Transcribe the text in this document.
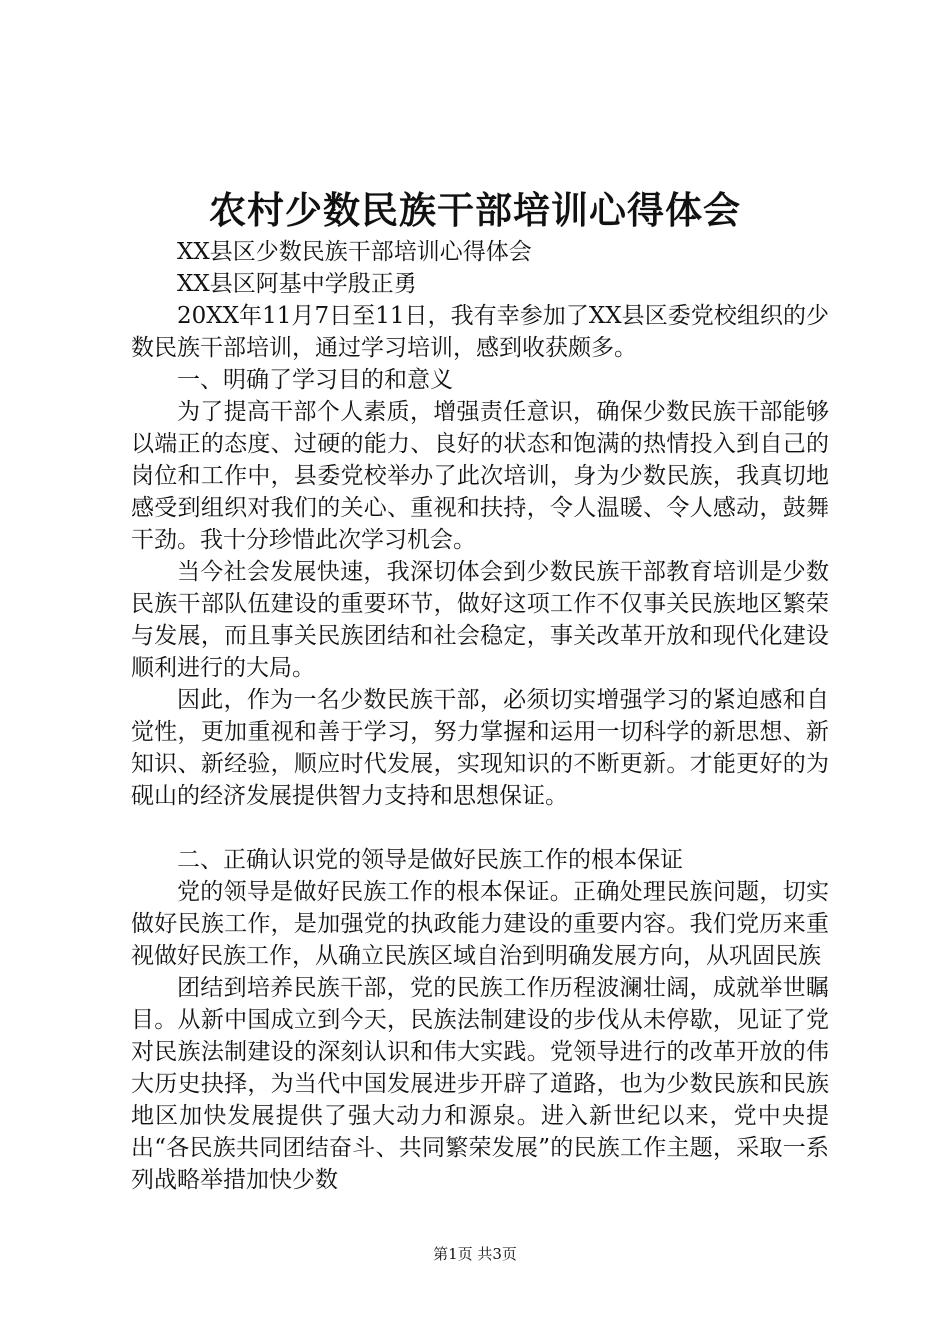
农村少数民族干部培训心得体会

XX县区少数民族干部培训心得体会

XX县区阿基中学殷正勇

20XX年11月7日至11日，我有幸参加了XX县区委党校组织的少数民族干部培训，通过学习培训，感到收获颇多。

一、明确了学习目的和意义

为了提高干部个人素质，增强责任意识，确保少数民族干部能够以端正的态度、过硬的能力、良好的状态和饱满的热情投入到自己的岗位和工作中，县委党校举办了此次培训，身为少数民族，我真切地感受到组织对我们的关心、重视和扶持，令人温暖、令人感动，鼓舞干劲。我十分珍惜此次学习机会。

当今社会发展快速，我深切体会到少数民族干部教育培训是少数民族干部队伍建设的重要环节，做好这项工作不仅事关民族地区繁荣与发展，而且事关民族团结和社会稳定，事关改革开放和现代化建设顺利进行的大局。

因此，作为一名少数民族干部，必须切实增强学习的紧迫感和自觉性，更加重视和善于学习，努力掌握和运用一切科学的新思想、新知识、新经验，顺应时代发展，实现知识的不断更新。才能更好的为砚山的经济发展提供智力支持和思想保证。

二、正确认识党的领导是做好民族工作的根本保证

党的领导是做好民族工作的根本保证。正确处理民族问题，切实做好民族工作，是加强党的执政能力建设的重要内容。我们党历来重视做好民族工作，从确立民族区域自治到明确发展方向，从巩固民族

团结到培养民族干部，党的民族工作历程波澜壮阔，成就举世瞩目。从新中国成立到今天，民族法制建设的步伐从未停歇，见证了党对民族法制建设的深刻认识和伟大实践。党领导进行的改革开放的伟大历史抉择，为当代中国发展进步开辟了道路，也为少数民族和民族地区加快发展提供了强大动力和源泉。进入新世纪以来，党中央提出“各民族共同团结奋斗、共同繁荣发展”的民族工作主题，采取一系列战略举措加快少数

第1页 共3页
